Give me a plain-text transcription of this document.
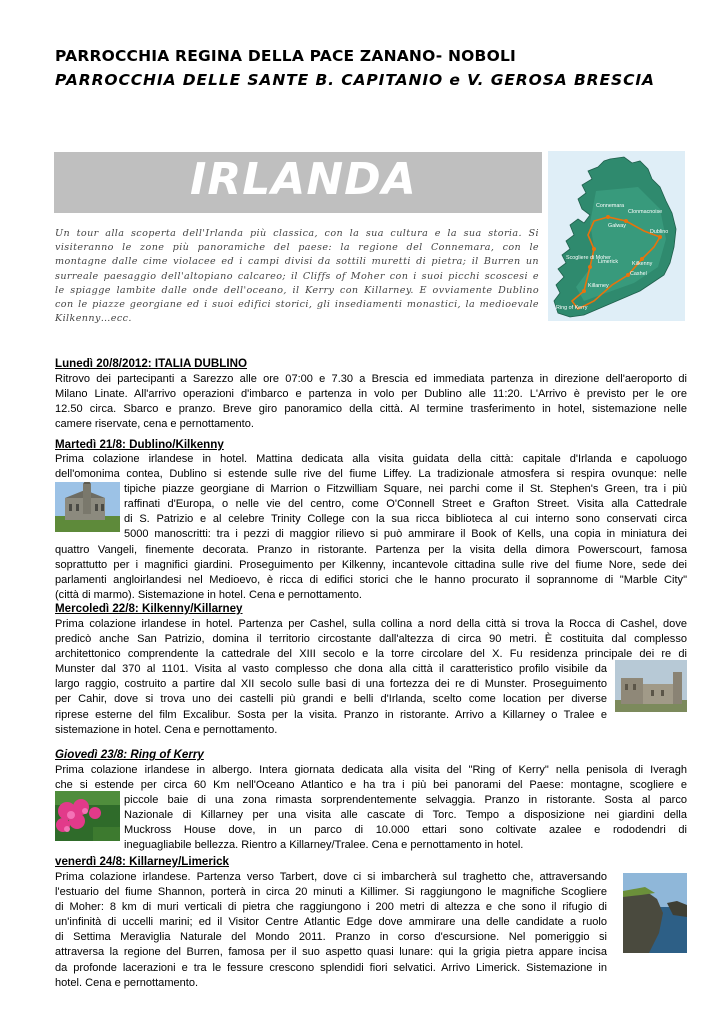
PARROCCHIA REGINA DELLA PACE ZANANO- NOBOLI
PARROCCHIA DELLE SANTE B. CAPITANIO e V. GEROSA BRESCIA
IRLANDA
Un tour alla scoperta dell'Irlanda più classica, con la sua cultura e la sua storia. Si
visiteranno le zone più panoramiche del paese: la regione del Connemara, con le
montagne dalle cime violacee ed i campi divisi da sottili muretti di pietra; il Burren un
surreale paesaggio dell'altopiano calcareo; il Cliffs of Moher con i suoi picchi scoscesi e
le spiagge lambite dalle onde dell'oceano, il Kerry con Killarney. E ovviamente Dublino
con le piazze georgiane ed i suoi edifici storici, gli insediamenti monastici, la medioevale
Kilkenny…ecc.
Connemara
Clonmacnoise
Galway
Dublino
Scogliere di Moher
Limerick	Kilkenny
Cashel
Killarney
Ring of Kerry
Lunedì 20/8/2012: ITALIA DUBLINO
Ritrovo dei partecipanti a Sarezzo alle ore 07:00 e 7.30 a Brescia ed immediata partenza in direzione dell'aeroporto di
Milano Linate. All'arrivo operazioni d'imbarco e partenza in volo per Dublino alle 11:20. L'Arrivo è previsto per le ore
12.50 circa. Sbarco e pranzo. Breve giro panoramico della città. Al termine trasferimento in hotel, sistemazione nelle
camere riservate, cena e pernottamento.
Martedì 21/8: Dublino/Kilkenny
Prima colazione irlandese in hotel. Mattina dedicata alla visita guidata della città: capitale d'Irlanda e capoluogo
dell'omonima contea, Dublino si estende sulle rive del fiume Liffey. La tradizionale atmosfera si respira ovunque: nelle
tipiche piazze georgiane di Marrion o Fitzwilliam Square, nei parchi come il St. Stephen's Green, tra i più
raffinati d'Europa, o nelle vie del centro, come O'Connell Street e Grafton Street. Visita alla Cattedrale
di S. Patrizio e al celebre Trinity College con la sua ricca biblioteca al cui interno sono conservati circa
5000 manoscritti: tra i pezzi di maggior rilievo si può ammirare il Book of Kells, una copia in miniatura dei
quattro Vangeli, finemente decorata. Pranzo in ristorante. Partenza per la visita della dimora Powerscourt, famosa
soprattutto per i magnifici giardini. Proseguimento per Kilkenny, incantevole cittadina sulle rive del fiume Nore, sede dei
parlamenti angloirlandesi nel Medioevo, è ricca di edifici storici che le hanno procurato il soprannome di "Marble City"
(città di marmo). Sistemazione in hotel. Cena e pernottamento.
Mercoledì 22/8: Kilkenny/Killarney
Prima colazione irlandese in hotel. Partenza per Cashel, sulla collina a nord della città si trova la Rocca di Cashel, dove
predicò anche San Patrizio, domina il territorio circostante dall'altezza di circa 90 metri. È costituita dal complesso
architettonico comprendente la cattedrale del XIII secolo e la torre circolare del X. Fu residenza principale dei re di
Munster dal 370 al 1101. Visita al vasto complesso che dona alla città il caratteristico profilo visibile da
largo raggio, costruito a partire dal XII secolo sulle basi di una fortezza dei re di Munster. Proseguimento
per Cahir, dove si trova uno dei castelli più grandi e belli d'Irlanda, scelto come location per diverse
riprese esterne del film Excalibur. Sosta per la visita. Pranzo in ristorante. Arrivo a Killarney o Tralee e
sistemazione in hotel. Cena e pernottamento.
Giovedì 23/8: Ring of Kerry
Prima colazione irlandese in albergo. Intera giornata dedicata alla visita del "Ring of Kerry" nella penisola di Iveragh
che si estende per circa 60 Km nell'Oceano Atlantico e ha tra i più bei panorami del Paese: montagne, scogliere e
piccole baie di una zona rimasta sorprendentemente selvaggia. Pranzo in ristorante. Sosta al parco
Nazionale di Killarney per una visita alle cascate di Torc. Tempo a disposizione nei giardini della
Muckross House dove, in un parco di 10.000 ettari sono coltivate azalee e rododendri di
ineguagliabile bellezza. Rientro a Killarney/Tralee. Cena e pernottamento in hotel.
venerdì 24/8: Killarney/Limerick
Prima colazione irlandese. Partenza verso Tarbert, dove ci si imbarcherà sul traghetto che, attraversando
l'estuario del fiume Shannon, porterà in circa 20 minuti a Killimer. Si raggiungono le magnifiche Scogliere
di Moher: 8 km di muri verticali di pietra che raggiungono i 200 metri di altezza e che sono il rifugio di
un'infinità di uccelli marini; ed il Visitor Centre Atlantic Edge dove ammirare una delle candidate a ruolo
di Settima Meraviglia Naturale del Mondo 2011. Pranzo in corso d'escursione. Nel pomeriggio si
attraversa la regione del Burren, famosa per il suo aspetto quasi lunare: qui la grigia pietra appare incisa
da profonde lacerazioni e tra le fessure crescono splendidi fiori selvatici. Arrivo Limerick. Sistemazione in
hotel. Cena e pernottamento.
